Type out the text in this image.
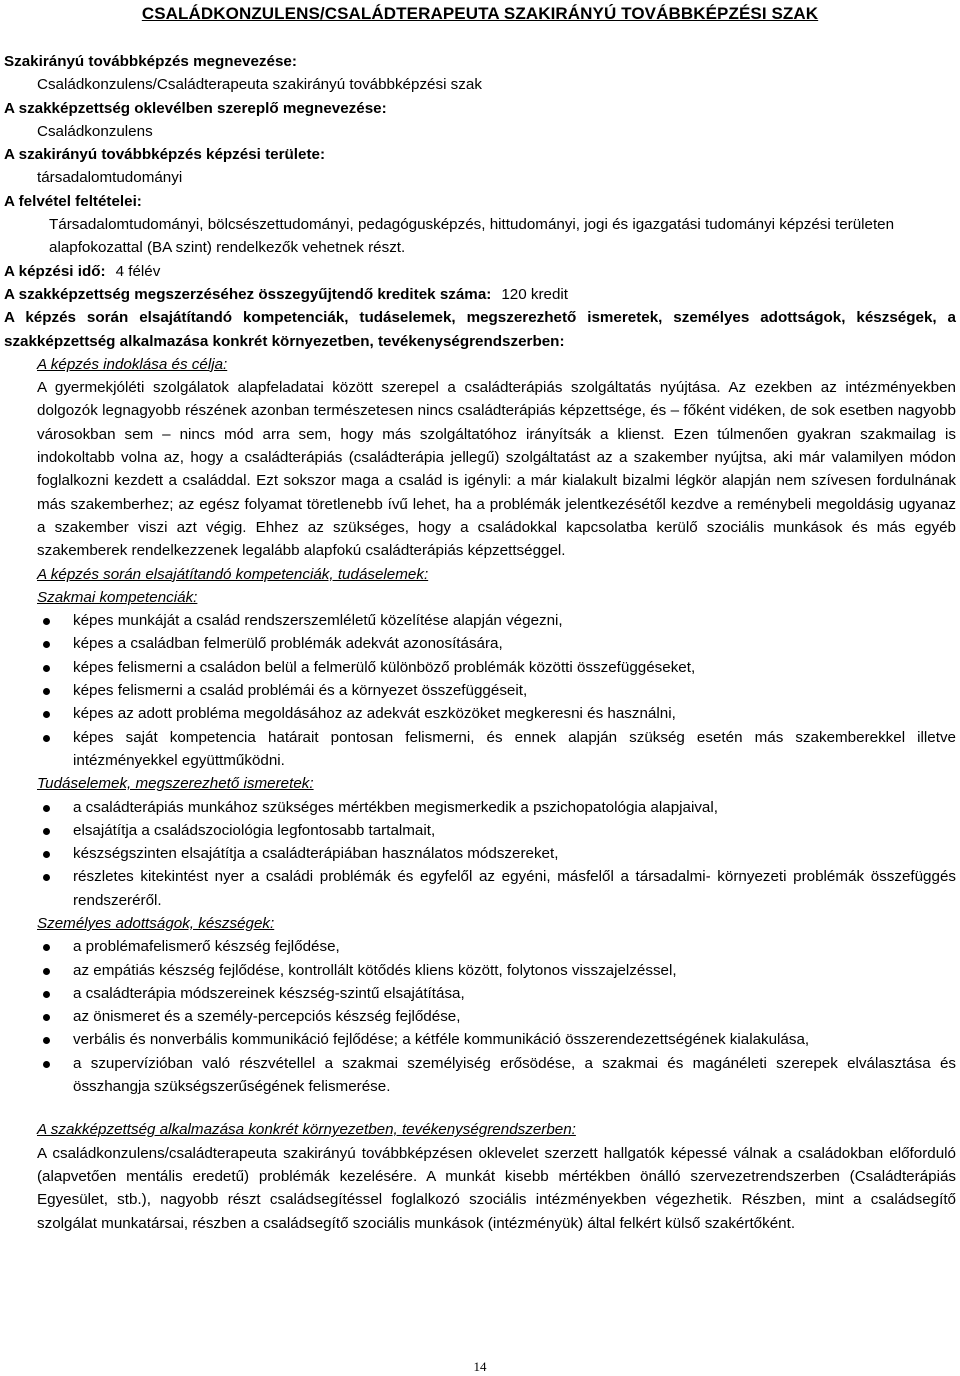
CSALÁDKONZULENS/CSALÁDTERAPEUTA SZAKIRÁNYÚ TOVÁBBKÉPZÉSI SZAK
Szakirányú továbbképzés megnevezése:
Családkonzulens/Családterapeuta szakirányú továbbképzési szak
A szakképzettség oklevélben szereplő megnevezése:
Családkonzulens
A szakirányú továbbképzés képzési területe:
társadalomtudományi
A felvétel feltételei:
Társadalomtudományi, bölcsészettudományi, pedagógusképzés, hittudományi, jogi és igazgatási tudományi képzési területen alapfokozattal (BA szint) rendelkezők vehetnek részt.
A képzési idő: 4 félév
A szakképzettség megszerzéséhez összegyűjtendő kreditek száma: 120 kredit
A képzés során elsajátítandó kompetenciák, tudáselemek, megszerezhető ismeretek, személyes adottságok, készségek, a szakképzettség alkalmazása konkrét környezetben, tevékenységrendszerben:
A képzés indoklása és célja:
A gyermekjóléti szolgálatok alapfeladatai között szerepel a családterápiás szolgáltatás nyújtása. Az ezekben az intézményekben dolgozók legnagyobb részének azonban természetesen nincs családterápiás képzettsége, és – főként vidéken, de sok esetben nagyobb városokban sem – nincs mód arra sem, hogy más szolgáltatóhoz irányítsák a klienst. Ezen túlmenően gyakran szakmailag is indokoltabb volna az, hogy a családterápiás (családterápia jellegű) szolgáltatást az a szakember nyújtsa, aki már valamilyen módon foglalkozni kezdett a családdal. Ezt sokszor maga a család is igényli: a már kialakult bizalmi légkör alapján nem szívesen fordulnának más szakemberhez; az egész folyamat töretlenebb ívű lehet, ha a problémák jelentkezésétől kezdve a reménybeli megoldásig ugyanaz a szakember viszi azt végig. Ehhez az szükséges, hogy a családokkal kapcsolatba kerülő szociális munkások és más egyéb szakemberek rendelkezzenek legalább alapfokú családterápiás képzettséggel.
A képzés során elsajátítandó kompetenciák, tudáselemek:
Szakmai kompetenciák:
képes munkáját a család rendszerszemléletű közelítése alapján végezni,
képes a családban felmerülő problémák adekvát azonosítására,
képes felismerni a családon belül a felmerülő különböző problémák közötti összefüggéseket,
képes felismerni a család problémái és a környezet összefüggéseit,
képes az adott probléma megoldásához az adekvát eszközöket megkeresni és használni,
képes saját kompetencia határait pontosan felismerni, és ennek alapján szükség esetén más szakemberekkel illetve intézményekkel együttműködni.
Tudáselemek, megszerezhető ismeretek:
a családterápiás munkához szükséges mértékben megismerkedik a pszichopatológia alapjaival,
elsajátítja a családszociológia legfontosabb tartalmait,
készségszinten elsajátítja a családterápiában használatos módszereket,
részletes kitekintést nyer a családi problémák és egyfelől az egyéni, másfelől a társadalmi- környezeti problémák összefüggés rendszeréről.
Személyes adottságok, készségek:
a problémafelismerő készség fejlődése,
az empátiás készség fejlődése, kontrollált kötődés kliens között, folytonos visszajelzéssel,
a családterápia módszereinek készség-szintű elsajátítása,
az önismeret és a személy-percepciós készség fejlődése,
verbális és nonverbális kommunikáció fejlődése; a kétféle kommunikáció összerendezettségének kialakulása,
a szupervízióban való részvétellel a szakmai személyiség erősödése, a szakmai és magánéleti szerepek elválasztása és összhangja szükségszerűségének felismerése.
A szakképzettség alkalmazása konkrét környezetben, tevékenységrendszerben:
A családkonzulens/családterapeuta szakirányú továbbképzésen oklevelet szerzett hallgatók képessé válnak a családokban előforduló (alapvetően mentális eredetű) problémák kezelésére. A munkát kisebb mértékben önálló szervezetrendszerben (Családterápiás Egyesület, stb.), nagyobb részt családsegítéssel foglalkozó szociális intézményekben végezhetik. Részben, mint a családsegítő szolgálat munkatársai, részben a családsegítő szociális munkások (intézményük) által felkért külső szakértőként.
14
